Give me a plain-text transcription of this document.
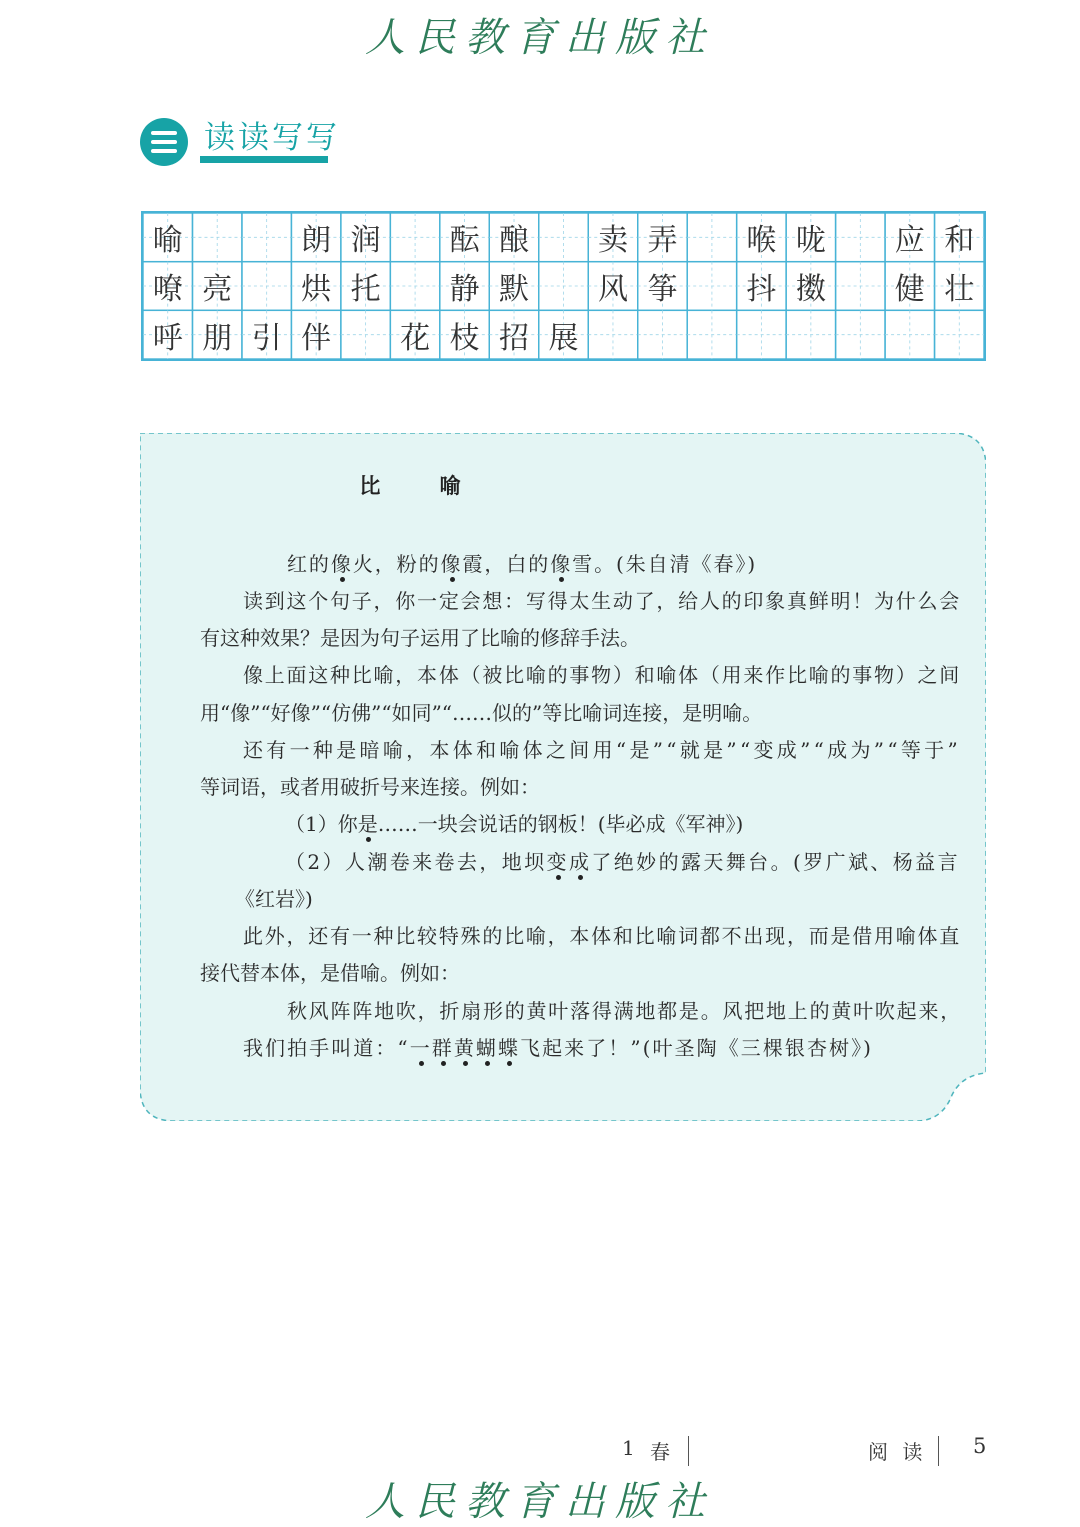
人民教育出版社
读读写写
喻	朗 润	酝 酿	卖 弄	喉 咙	应 和
嘹 亮	烘 托	静 默	风 筝	抖 擞	健 壮
呼 朋 引 伴	花 枝 招 展
比 喻
红的像火，粉的像霞，白的像雪。(朱自清《春》)
读到这个句子，你一定会想：写得太生动了，给人的印象真鲜明！为什么会
有这种效果？是因为句子运用了比喻的修辞手法。
像上面这种比喻，本体（被比喻的事物）和喻体（用来作比喻的事物）之间
用“像”“好像”“仿佛”“如同”“……似的”等比喻词连接，是明喻。
还有一种是暗喻，本体和喻体之间用“是”“就是”“变成”“成为”“等于”
等词语，或者用破折号来连接。例如：
（1）你是……一块会说话的钢板！(毕必成《军神》)
（2）人潮卷来卷去，地坝变成了绝妙的露天舞台。(罗广斌、杨益言
《红岩》)
此外，还有一种比较特殊的比喻，本体和比喻词都不出现，而是借用喻体直
接代替本体，是借喻。例如：
秋风阵阵地吹，折扇形的黄叶落得满地都是。风把地上的黄叶吹起来，
我们拍手叫道：“一群黄蝴蝶飞起来了！”(叶圣陶《三棵银杏树》)
1 春	阅 读 5
人民教育出版社
